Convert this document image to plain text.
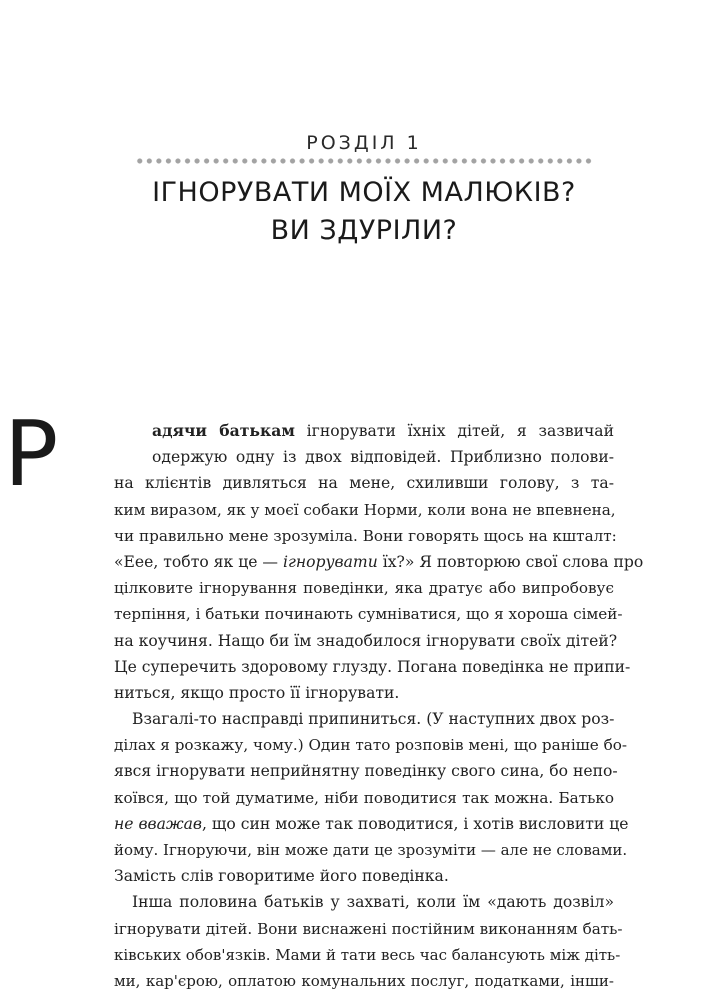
РОЗДІЛ 1
ІГНОРУВАТИ МОЇХ МАЛЮКІВ?
ВИ ЗДУРІЛИ?
Р	адячи батькам ігнорувати їхніх дітей, я зазвичай
одержую одну із двох відповідей. Приблизно полови-
на клієнтів дивляться на мене, схиливши голову, з та-
ким виразом, як у моєї собаки Норми, коли вона не впевнена,
чи правильно мене зрозуміла. Вони говорять щось на кшталт:
«Еее, тобто як це — ігнорувати їх?» Я повторюю свої слова про
цілковите ігнорування поведінки, яка дратує або випробовує
терпіння, і батьки починають сумніватися, що я хороша сімей-
на коучиня. Нащо би їм знадобилося ігнорувати своїх дітей?
Це суперечить здоровому глузду. Погана поведінка не припи-
ниться, якщо просто її ігнорувати.
Взагалі-то насправді припиниться. (У наступних двох роз-
ділах я розкажу, чому.) Один тато розповів мені, що раніше бо-
явся ігнорувати неприйнятну поведінку свого сина, бо непо-
коївся, що той думатиме, ніби поводитися так можна. Батько
не вважав, що син може так поводитися, і хотів висловити це
йому. Ігноруючи, він може дати це зрозуміти — але не словами.
Замість слів говоритиме його поведінка.
Інша половина батьків у захваті, коли їм «дають дозвіл»
ігнорувати дітей. Вони виснажені постійним виконанням бать-
ківських обов'язків. Мами й тати весь час балансують між діть-
ми, кар'єрою, оплатою комунальних послуг, податками, інши-
